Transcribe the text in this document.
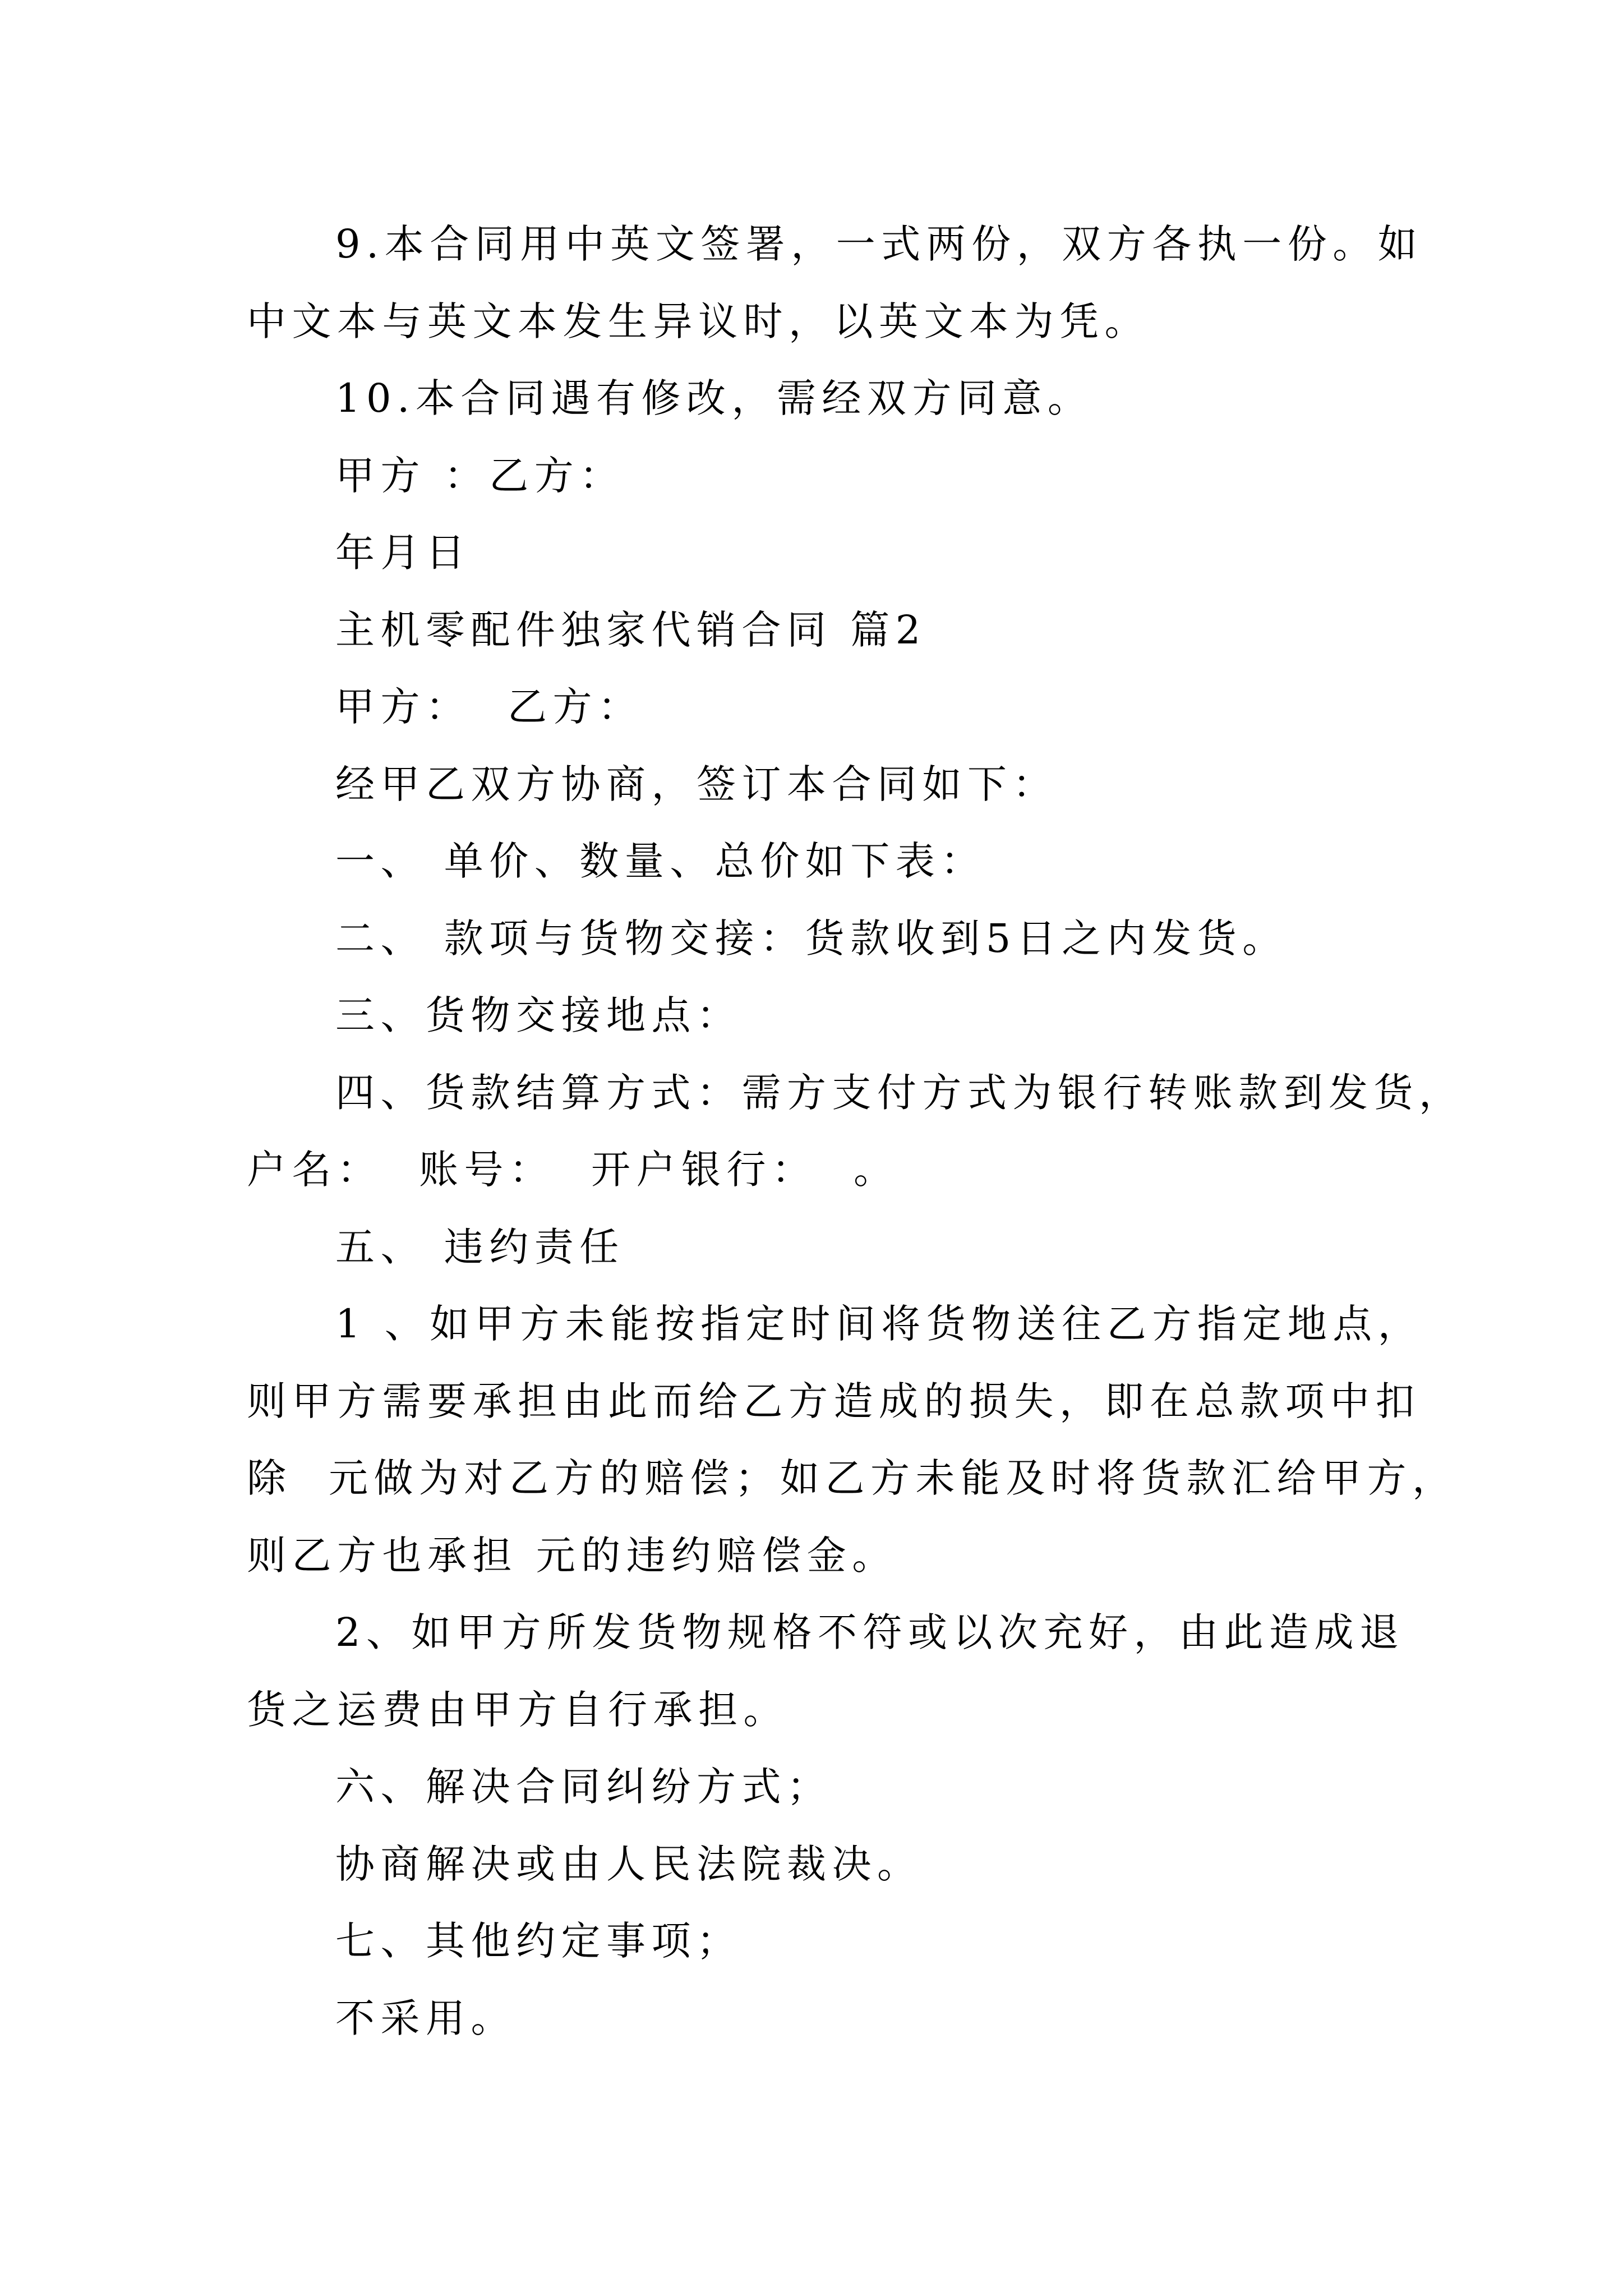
9.本合同用中英文签署，一式两份，双方各执一份。如
中文本与英文本发生异议时，以英文本为凭。
10.本合同遇有修改，需经双方同意。
甲方 ：乙方：
年月日
主机零配件独家代销合同 篇2
甲方：  乙方：
经甲乙双方协商，签订本合同如下：
一、 单价、数量、总价如下表：
二、 款项与货物交接：货款收到5日之内发货。
三、货物交接地点：
四、货款结算方式：需方支付方式为银行转账款到发货，
户名：  账号：  开户银行：  。
五、 违约责任
1 、如甲方未能按指定时间将货物送往乙方指定地点，
则甲方需要承担由此而给乙方造成的损失，即在总款项中扣
除  元做为对乙方的赔偿；如乙方未能及时将货款汇给甲方，
则乙方也承担 元的违约赔偿金。
2、如甲方所发货物规格不符或以次充好，由此造成退
货之运费由甲方自行承担。
六、解决合同纠纷方式；
协商解决或由人民法院裁决。
七、其他约定事项；
不采用。
